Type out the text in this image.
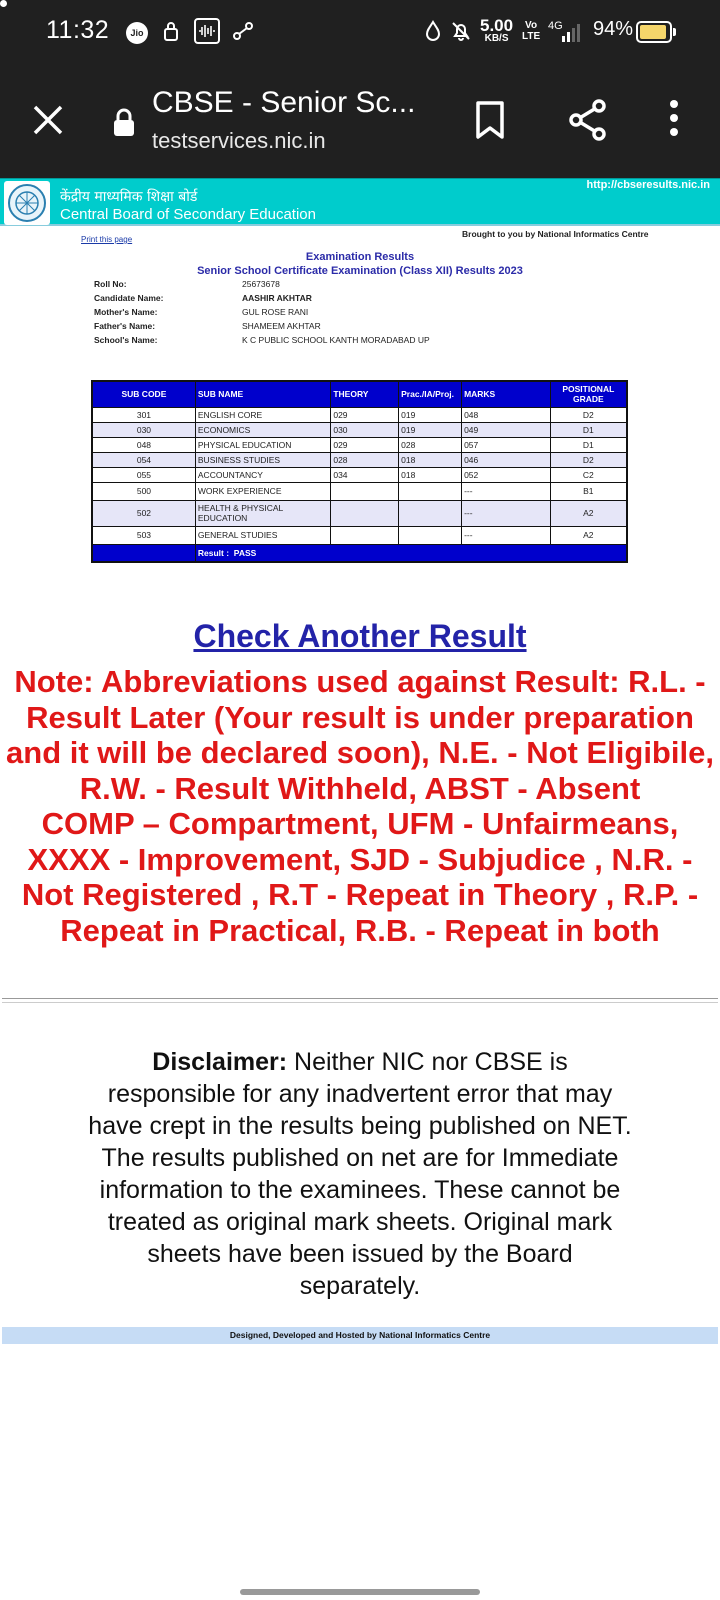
11:32	Jio	5.00
KB/S
Vo
LTE
4G 94%
CBSE - Senior Sc...
testservices.nic.in
केंद्रीय माध्यमिक शिक्षा बोर्ड
Central Board of Secondary Education
http://cbseresults.nic.in
Print this page
Brought to you by National Informatics Centre
Examination Results
Senior School Certificate Examination (Class XII) Results 2023
Roll No:	25673678
Candidate Name:	AASHIR AKHTAR
Mother's Name:	GUL ROSE RANI
Father's Name:	SHAMEEM AKHTAR
School's Name:	K C PUBLIC SCHOOL KANTH MORADABAD UP
SUB CODE	SUB NAME	THEORY	Prac./IA/Proj.	MARKS	POSITIONAL GRADE
301	ENGLISH CORE	029	019	048	D2
030	ECONOMICS	030	019	049	D1
048	PHYSICAL EDUCATION	029	028	057	D1
054	BUSINESS STUDIES	028	018	046	D2
055	ACCOUNTANCY	034	018	052	C2
500	WORK EXPERIENCE			---	B1
502	HEALTH & PHYSICAL EDUCATION			---	A2
503	GENERAL STUDIES			---	A2
	Result : PASS				
Check Another Result
Note: Abbreviations used against Result: R.L. - Result Later (Your result is under preparation and it will be declared soon), N.E. - Not Eligibile, R.W. - Result Withheld, ABST - Absent
COMP – Compartment, UFM - Unfairmeans, XXXX - Improvement, SJD - Subjudice , N.R. - Not Registered , R.T - Repeat in Theory , R.P. - Repeat in Practical, R.B. - Repeat in both
Disclaimer: Neither NIC nor CBSE is responsible for any inadvertent error that may have crept in the results being published on NET. The results published on net are for Immediate information to the examinees. These cannot be treated as original mark sheets. Original mark sheets have been issued by the Board separately.
Designed, Developed and Hosted by National Informatics Centre
